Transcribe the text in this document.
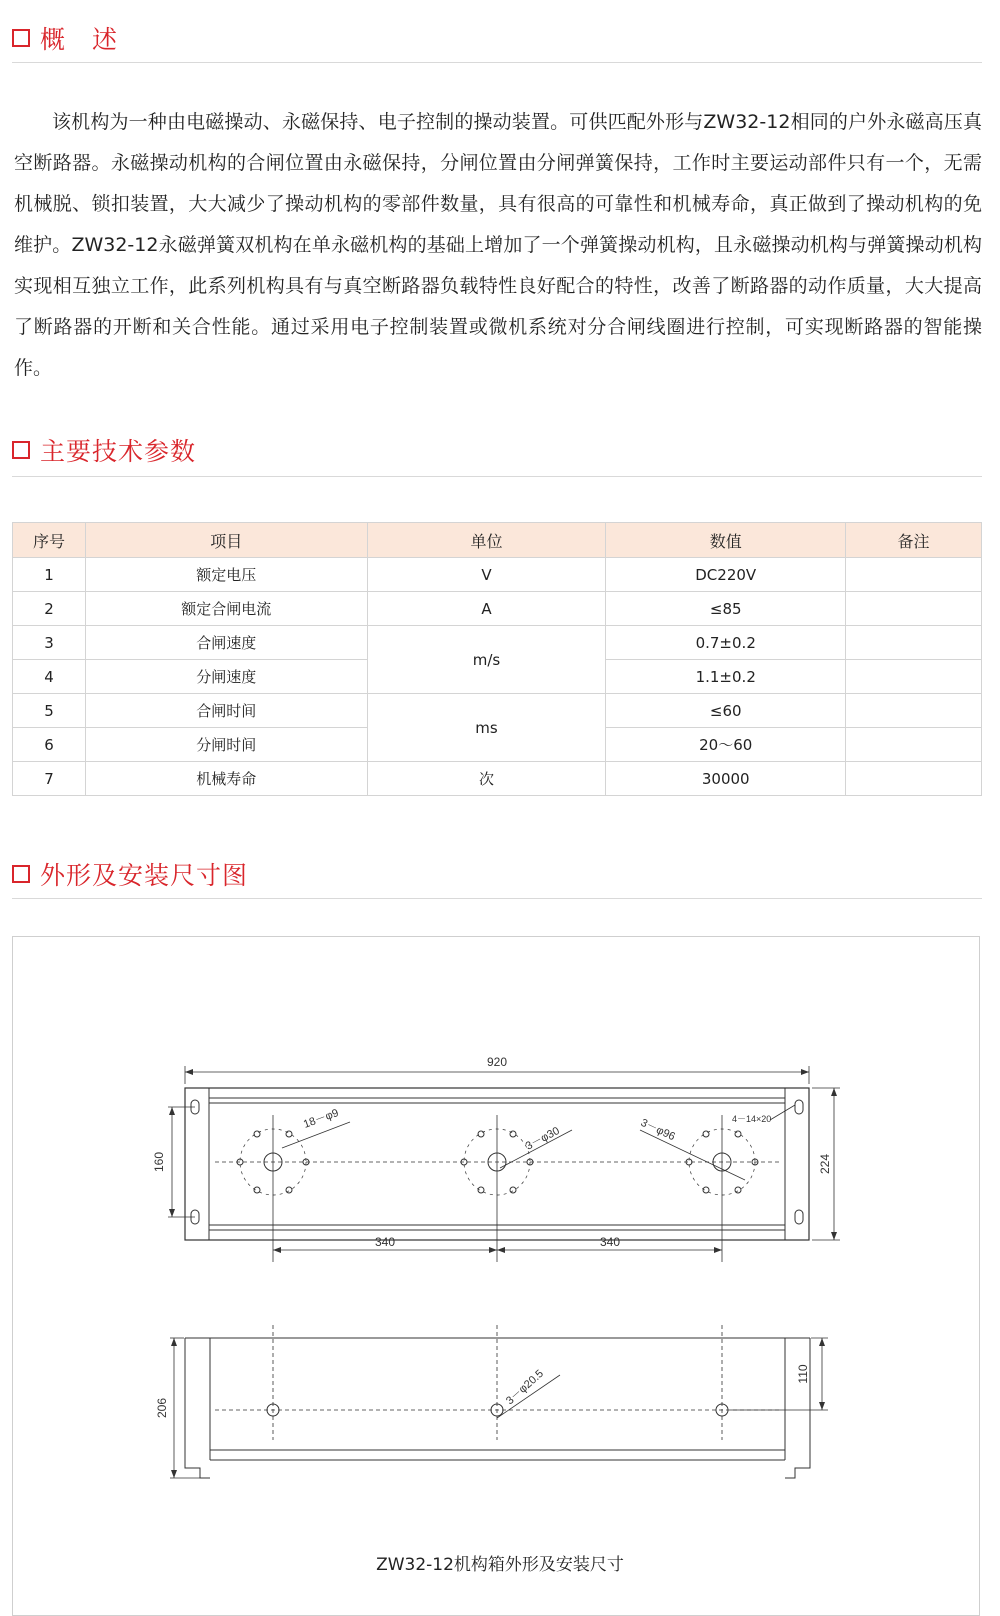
概　述

该机构为一种由电磁操动、永磁保持、电子控制的操动装置。可供匹配外形与ZW32-12相同的户外永磁高压真空断路器。永磁操动机构的合闸位置由永磁保持，分闸位置由分闸弹簧保持，工作时主要运动部件只有一个，无需机械脱、锁扣装置，大大减少了操动机构的零部件数量，具有很高的可靠性和机械寿命，真正做到了操动机构的免维护。ZW32-12永磁弹簧双机构在单永磁机构的基础上增加了一个弹簧操动机构，且永磁操动机构与弹簧操动机构实现相互独立工作，此系列机构具有与真空断路器负载特性良好配合的特性，改善了断路器的动作质量，大大提高了断路器的开断和关合性能。通过采用电子控制装置或微机系统对分合闸线圈进行控制，可实现断路器的智能操作。

主要技术参数
序号	项目	单位	数值	备注
1	额定电压	V	DC220V	
2	额定合闸电流	A	≤85	
3	合闸速度	m/s	0.7±0.2	
4	分闸速度		1.1±0.2	
5	合闸时间	ms	≤60	
6	分闸时间		20～60	
7	机械寿命	次	30000	
外形及安装尺寸图
920
340	340
160	224
18－φ9
3－φ30	3－φ96	4－14×20
206
110
3－φ20.5
ZW32-12机构箱外形及安装尺寸
